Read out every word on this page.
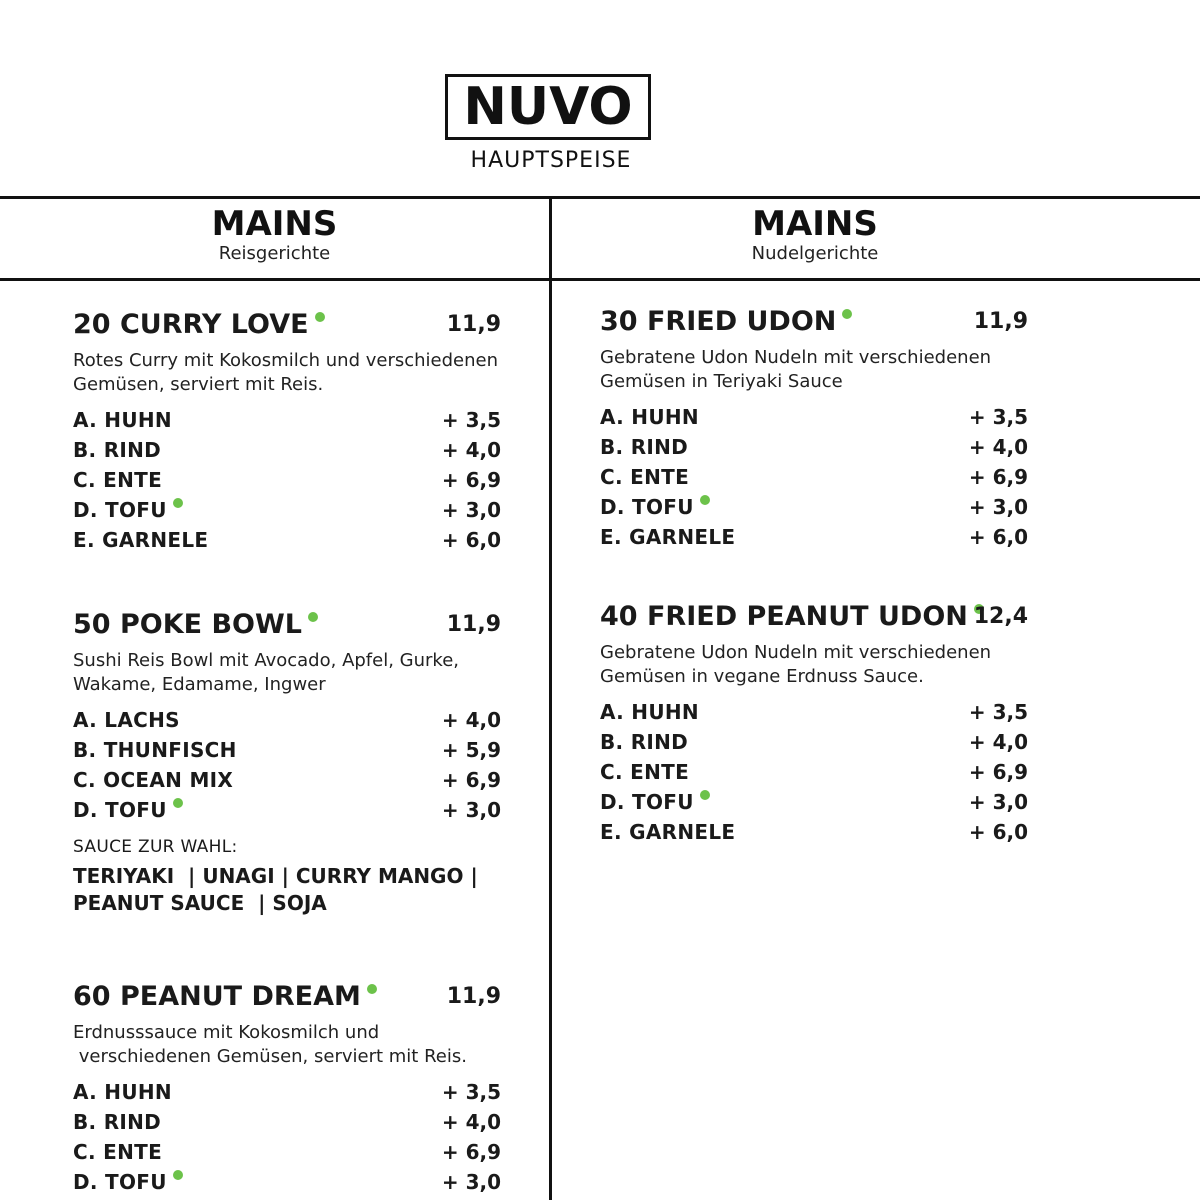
NUVO
HAUPTSPEISE
MAINS
Reisgerichte
MAINS
Nudelgerichte
20 CURRY LOVE	11,9
Rotes Curry mit Kokosmilch und verschiedenen
Gemüsen, serviert mit Reis.
A. HUHN	+ 3,5
B. RIND	+ 4,0
C. ENTE	+ 6,9
D. TOFU	+ 3,0
E. GARNELE	+ 6,0
50 POKE BOWL	11,9
Sushi Reis Bowl mit Avocado, Apfel, Gurke,
Wakame, Edamame, Ingwer
A. LACHS	+ 4,0
B. THUNFISCH	+ 5,9
C. OCEAN MIX	+ 6,9
D. TOFU	+ 3,0
SAUCE ZUR WAHL:
TERIYAKI  | UNAGI | CURRY MANGO |
PEANUT SAUCE  | SOJA
60 PEANUT DREAM	11,9
Erdnusssauce mit Kokosmilch und
verschiedenen Gemüsen, serviert mit Reis.
A. HUHN	+ 3,5
B. RIND	+ 4,0
C. ENTE	+ 6,9
D. TOFU	+ 3,0
30 FRIED UDON	11,9
Gebratene Udon Nudeln mit verschiedenen
Gemüsen in Teriyaki Sauce
A. HUHN	+ 3,5
B. RIND	+ 4,0
C. ENTE	+ 6,9
D. TOFU	+ 3,0
E. GARNELE	+ 6,0
40 FRIED PEANUT UDON 12,4
Gebratene Udon Nudeln mit verschiedenen
Gemüsen in vegane Erdnuss Sauce.
A. HUHN	+ 3,5
B. RIND	+ 4,0
C. ENTE	+ 6,9
D. TOFU	+ 3,0
E. GARNELE	+ 6,0
